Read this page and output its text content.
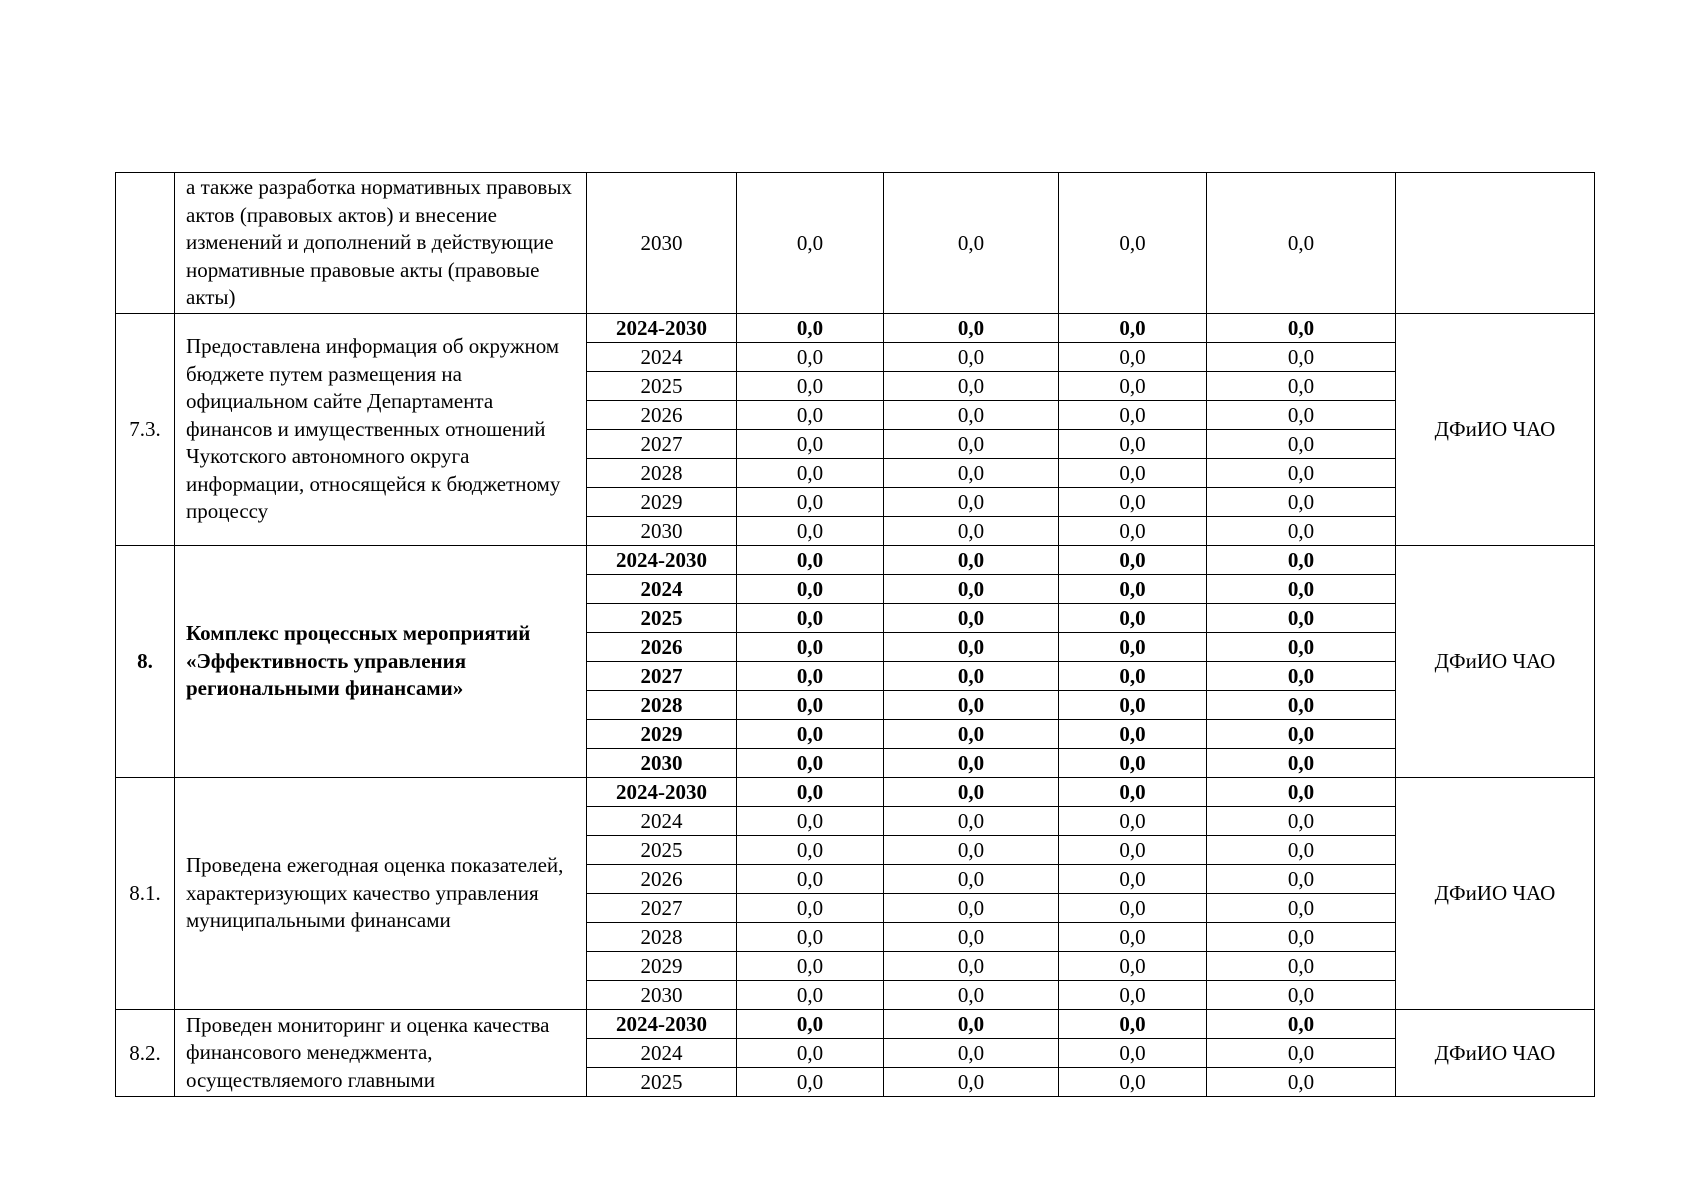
	а также разработка нормативных правовых актов (правовых актов) и внесение изменений и дополнений в действующие нормативные правовые акты (правовые акты)	2030	0,0	0,0	0,0	0,0	
7.3.	Предоставлена информация об окружном бюджете путем размещения на официальном сайте Департамента финансов и имущественных отношений Чукотского автономного округа информации, относящейся к бюджетному процессу	2024-2030	0,0	0,0	0,0	0,0	ДФиИО ЧАО
		2024	0,0	0,0	0,0	0,0	
		2025	0,0	0,0	0,0	0,0	
		2026	0,0	0,0	0,0	0,0	
		2027	0,0	0,0	0,0	0,0	
		2028	0,0	0,0	0,0	0,0	
		2029	0,0	0,0	0,0	0,0	
		2030	0,0	0,0	0,0	0,0	
8.	Комплекс процессных мероприятий «Эффективность управления региональными финансами»	2024-2030	0,0	0,0	0,0	0,0	ДФиИО ЧАО
		2024	0,0	0,0	0,0	0,0	
		2025	0,0	0,0	0,0	0,0	
		2026	0,0	0,0	0,0	0,0	
		2027	0,0	0,0	0,0	0,0	
		2028	0,0	0,0	0,0	0,0	
		2029	0,0	0,0	0,0	0,0	
		2030	0,0	0,0	0,0	0,0	
8.1.	Проведена ежегодная оценка показателей, характеризующих качество управления муниципальными финансами	2024-2030	0,0	0,0	0,0	0,0	ДФиИО ЧАО
		2024	0,0	0,0	0,0	0,0	
		2025	0,0	0,0	0,0	0,0	
		2026	0,0	0,0	0,0	0,0	
		2027	0,0	0,0	0,0	0,0	
		2028	0,0	0,0	0,0	0,0	
		2029	0,0	0,0	0,0	0,0	
		2030	0,0	0,0	0,0	0,0	
8.2.	Проведен мониторинг и оценка качества финансового менеджмента, осуществляемого главными	2024-2030	0,0	0,0	0,0	0,0	ДФиИО ЧАО
		2024	0,0	0,0	0,0	0,0	
		2025	0,0	0,0	0,0	0,0	
